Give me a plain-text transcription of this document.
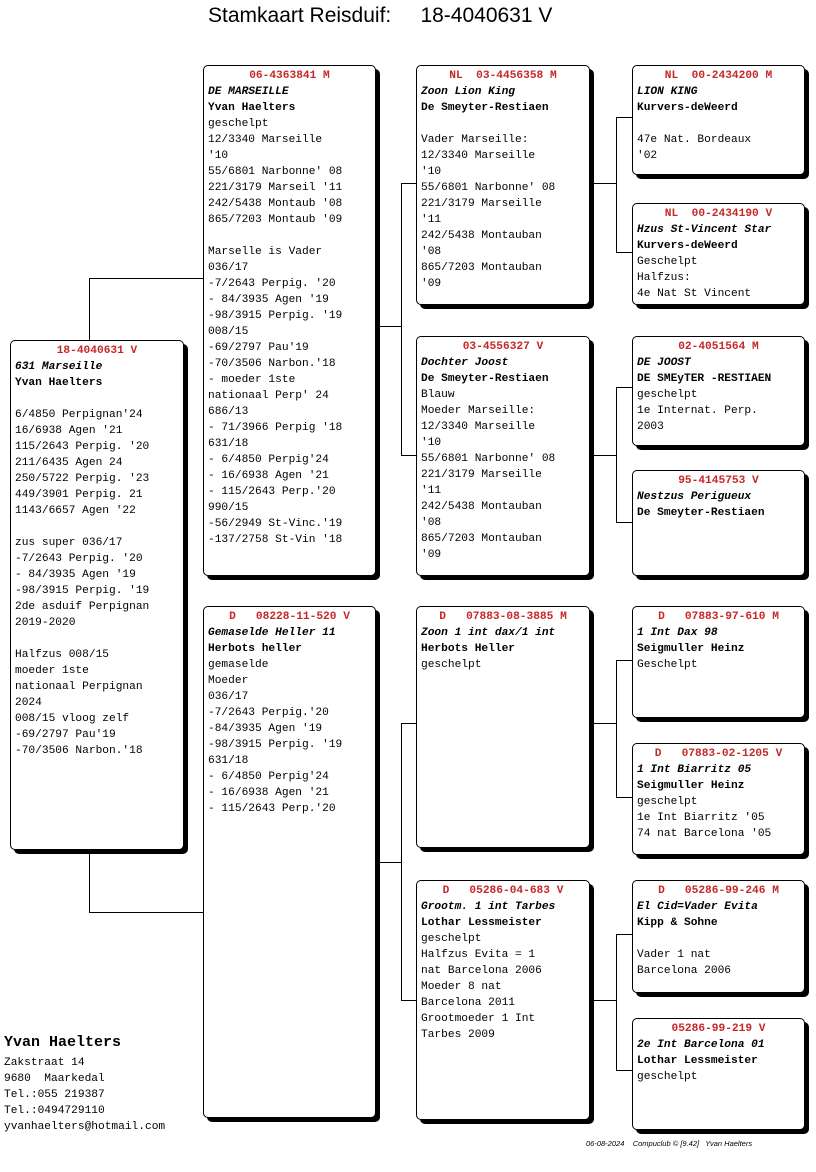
Stamkaart Reisduif: 18-4040631 V
18-4040631 V
631 Marseille
Yvan Haelters

6/4850 Perpignan'24
16/6938 Agen '21
115/2643 Perpig. '20
211/6435 Agen 24
250/5722 Perpig. '23
449/3901 Perpig. 21
1143/6657 Agen '22

zus super 036/17
-7/2643 Perpig. '20
- 84/3935 Agen '19
-98/3915 Perpig. '19
2de asduif Perpignan
2019-2020

Halfzus 008/15
moeder 1ste
nationaal Perpignan
2024
008/15 vloog zelf
-69/2797 Pau'19
-70/3506 Narbon.'18
06-4363841 M
DE MARSEILLE
Yvan Haelters
geschelpt
12/3340 Marseille
'10
55/6801 Narbonne' 08
221/3179 Marseil '11
242/5438 Montaub '08
865/7203 Montaub '09

Marselle is Vader
036/17
-7/2643 Perpig. '20
- 84/3935 Agen '19
-98/3915 Perpig. '19
008/15
-69/2797 Pau'19
-70/3506 Narbon.'18
- moeder 1ste
nationaal Perp' 24
686/13
- 71/3966 Perpig '18
631/18
- 6/4850 Perpig'24
- 16/6938 Agen '21
- 115/2643 Perp.'20
990/15
-56/2949 St-Vinc.'19
-137/2758 St-Vin '18
D   08228-11-520 V
Gemaselde Heller 11
Herbots heller
gemaselde
Moeder
036/17
-7/2643 Perpig.'20
-84/3935 Agen '19
-98/3915 Perpig. '19
631/18
- 6/4850 Perpig'24
- 16/6938 Agen '21
- 115/2643 Perp.'20
NL  03-4456358 M
Zoon Lion King
De Smeyter-Restiaen

Vader Marseille:
12/3340 Marseille
'10
55/6801 Narbonne' 08
221/3179 Marseille
'11
242/5438 Montauban
'08
865/7203 Montauban
'09
03-4556327 V
Dochter Joost
De Smeyter-Restiaen
Blauw
Moeder Marseille:
12/3340 Marseille
'10
55/6801 Narbonne' 08
221/3179 Marseille
'11
242/5438 Montauban
'08
865/7203 Montauban
'09
D   07883-08-3885 M
Zoon 1 int dax/1 int
Herbots Heller
geschelpt
D   05286-04-683 V
Grootm. 1 int Tarbes
Lothar Lessmeister
geschelpt
Halfzus Evita = 1
nat Barcelona 2006
Moeder 8 nat
Barcelona 2011
Grootmoeder 1 Int
Tarbes 2009
NL  00-2434200 M
LION KING
Kurvers-deWeerd

47e Nat. Bordeaux
'02
NL  00-2434190 V
Hzus St-Vincent Star
Kurvers-deWeerd
Geschelpt
Halfzus:
4e Nat St Vincent
02-4051564 M
DE JOOST
DE SMEyTER -RESTIAEN
geschelpt
1e Internat. Perp.
2003
95-4145753 V
Nestzus Perigueux
De Smeyter-Restiaen
D   07883-97-610 M
1 Int Dax 98
Seigmuller Heinz
Geschelpt
D   07883-02-1205 V
1 Int Biarritz 05
Seigmuller Heinz
geschelpt
1e Int Biarritz '05
74 nat Barcelona '05
D   05286-99-246 M
El Cid=Vader Evita
Kipp & Sohne

Vader 1 nat
Barcelona 2006
05286-99-219 V
2e Int Barcelona 01
Lothar Lessmeister
geschelpt
Yvan Haelters
Zakstraat 14
9680  Maarkedal
Tel.:055 219387
Tel.:0494729110
yvanhaelters@hotmail.com
06-08-2024 Compuclub © [9.42] Yvan Haelters
